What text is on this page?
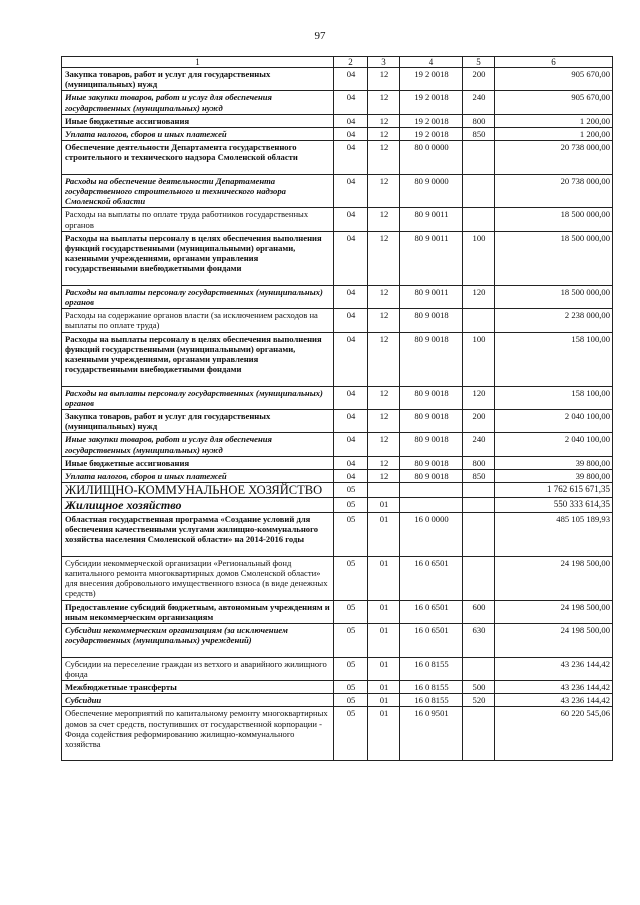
97
1	2	3	4	5	6
Закупка товаров, работ и услуг для государственных (муниципальных) нужд	04	12	19 2 0018	200	905 670,00
Иные закупки товаров, работ и услуг для обеспечения государственных (муниципальных) нужд	04	12	19 2 0018	240	905 670,00
Иные бюджетные ассигнования	04	12	19 2 0018	800	1 200,00
Уплата налогов, сборов и иных платежей	04	12	19 2 0018	850	1 200,00
Обеспечение деятельности Департамента государственного строительного и технического надзора Смоленской области	04	12	80 0 0000		20 738 000,00
Расходы на обеспечение деятельности Департамента государственного строительного и технического надзора Смоленской области	04	12	80 9 0000		20 738 000,00
Расходы на выплаты по оплате труда работников государственных органов	04	12	80 9 0011		18 500 000,00
Расходы на выплаты персоналу в целях обеспечения выполнения функций государственными (муниципальными) органами, казенными учреждениями, органами управления государственными внебюджетными фондами	04	12	80 9 0011	100	18 500 000,00
Расходы на выплаты персоналу государственных (муниципальных) органов	04	12	80 9 0011	120	18 500 000,00
Расходы на содержание органов власти (за исключением расходов на выплаты по оплате труда)	04	12	80 9 0018		2 238 000,00
Расходы на выплаты персоналу в целях обеспечения выполнения функций государственными (муниципальными) органами, казенными учреждениями, органами управления государственными внебюджетными фондами	04	12	80 9 0018	100	158 100,00
Расходы на выплаты персоналу государственных (муниципальных) органов	04	12	80 9 0018	120	158 100,00
Закупка товаров, работ и услуг для государственных (муниципальных) нужд	04	12	80 9 0018	200	2 040 100,00
Иные закупки товаров, работ и услуг для обеспечения государственных (муниципальных) нужд	04	12	80 9 0018	240	2 040 100,00
Иные бюджетные ассигнования	04	12	80 9 0018	800	39 800,00
Уплата налогов, сборов и иных платежей	04	12	80 9 0018	850	39 800,00
ЖИЛИЩНО-КОММУНАЛЬНОЕ ХОЗЯЙСТВО	05				1 762 615 671,35
Жилищное хозяйство	05	01			550 333 614,35
Областная государственная программа «Создание условий для обеспечения качественными услугами жилищно-коммунального хозяйства населения Смоленской области» на 2014-2016 годы	05	01	16 0 0000		485 105 189,93
Субсидии некоммерческой организации «Региональный фонд капитального ремонта многоквартирных домов Смоленской области» для внесения добровольного имущественного взноса (в виде денежных средств)	05	01	16 0 6501		24 198 500,00
Предоставление субсидий бюджетным, автономным учреждениям и иным некоммерческим организациям	05	01	16 0 6501	600	24 198 500,00
Субсидии некоммерческим организациям (за исключением государственных (муниципальных) учреждений)	05	01	16 0 6501	630	24 198 500,00
Субсидии на переселение граждан из ветхого и аварийного жилищного фонда	05	01	16 0 8155		43 236 144,42
Межбюджетные трансферты	05	01	16 0 8155	500	43 236 144,42
Субсидии	05	01	16 0 8155	520	43 236 144,42
Обеспечение мероприятий по капитальному ремонту многоквартирных домов за счет средств, поступивших от государственной корпорации - Фонда содействия реформированию жилищно-коммунального хозяйства	05	01	16 0 9501		60 220 545,06
